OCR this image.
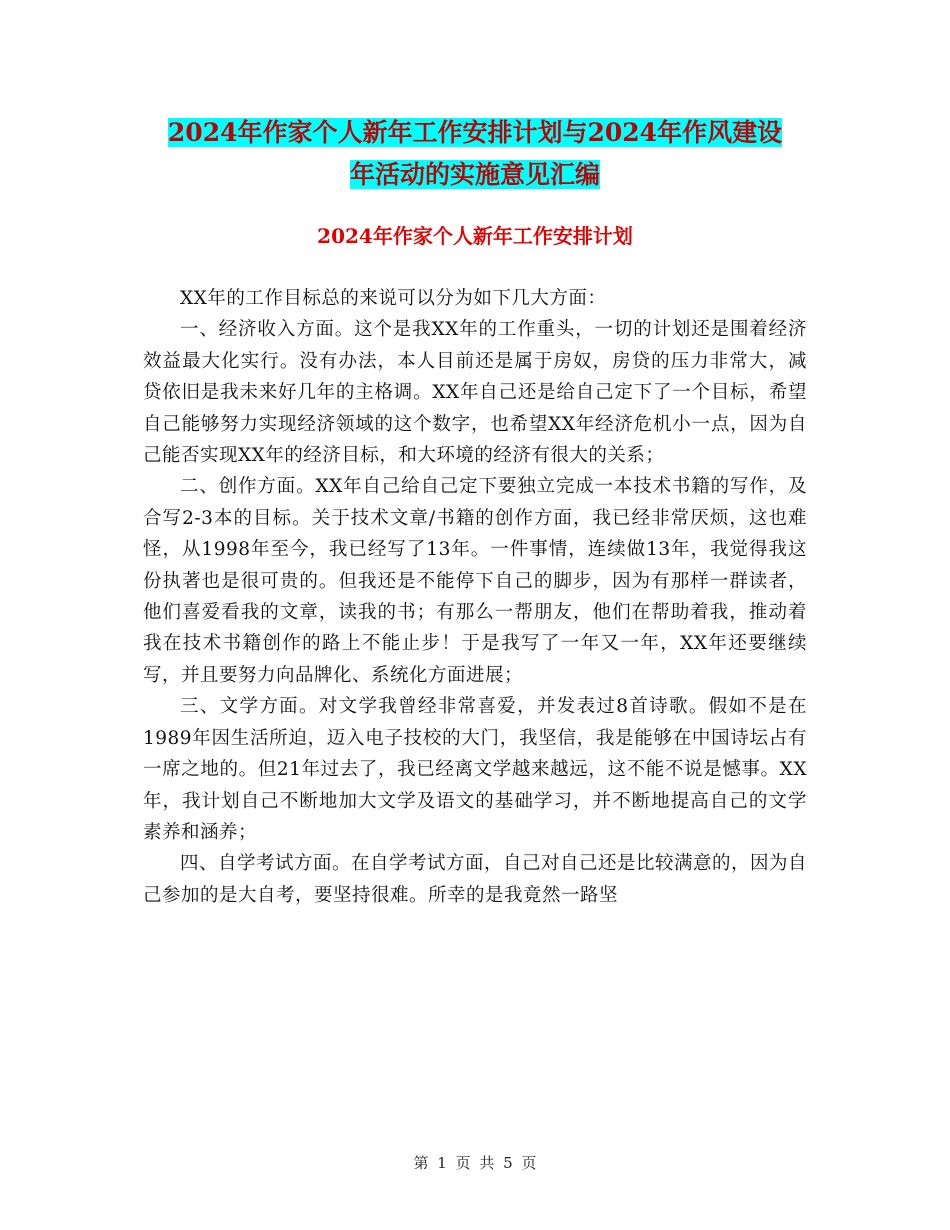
2024年作家个人新年工作安排计划与2024年作风建设
年活动的实施意见汇编
2024年作家个人新年工作安排计划

XX年的工作目标总的来说可以分为如下几大方面：

一、经济收入方面。这个是我XX年的工作重头，一切的计划还是围着经济效益最大化实行。没有办法，本人目前还是属于房奴，房贷的压力非常大，减贷依旧是我未来好几年的主格调。XX年自己还是给自己定下了一个目标，希望自己能够努力实现经济领域的这个数字，也希望XX年经济危机小一点，因为自己能否实现XX年的经济目标，和大环境的经济有很大的关系；

二、创作方面。XX年自己给自己定下要独立完成一本技术书籍的写作，及合写2-3本的目标。关于技术文章/书籍的创作方面，我已经非常厌烦，这也难怪，从1998年至今，我已经写了13年。一件事情，连续做13年，我觉得我这份执著也是很可贵的。但我还是不能停下自己的脚步，因为有那样一群读者，他们喜爱看我的文章，读我的书；有那么一帮朋友，他们在帮助着我，推动着我在技术书籍创作的路上不能止步！于是我写了一年又一年，XX年还要继续写，并且要努力向品牌化、系统化方面进展；

三、文学方面。对文学我曾经非常喜爱，并发表过8首诗歌。假如不是在1989年因生活所迫，迈入电子技校的大门，我坚信，我是能够在中国诗坛占有一席之地的。但21年过去了，我已经离文学越来越远，这不能不说是憾事。XX年，我计划自己不断地加大文学及语文的基础学习，并不断地提高自己的文学素养和涵养；

四、自学考试方面。在自学考试方面，自己对自己还是比较满意的，因为自己参加的是大自考，要坚持很难。所幸的是我竟然一路坚

第 1 页 共 5 页
